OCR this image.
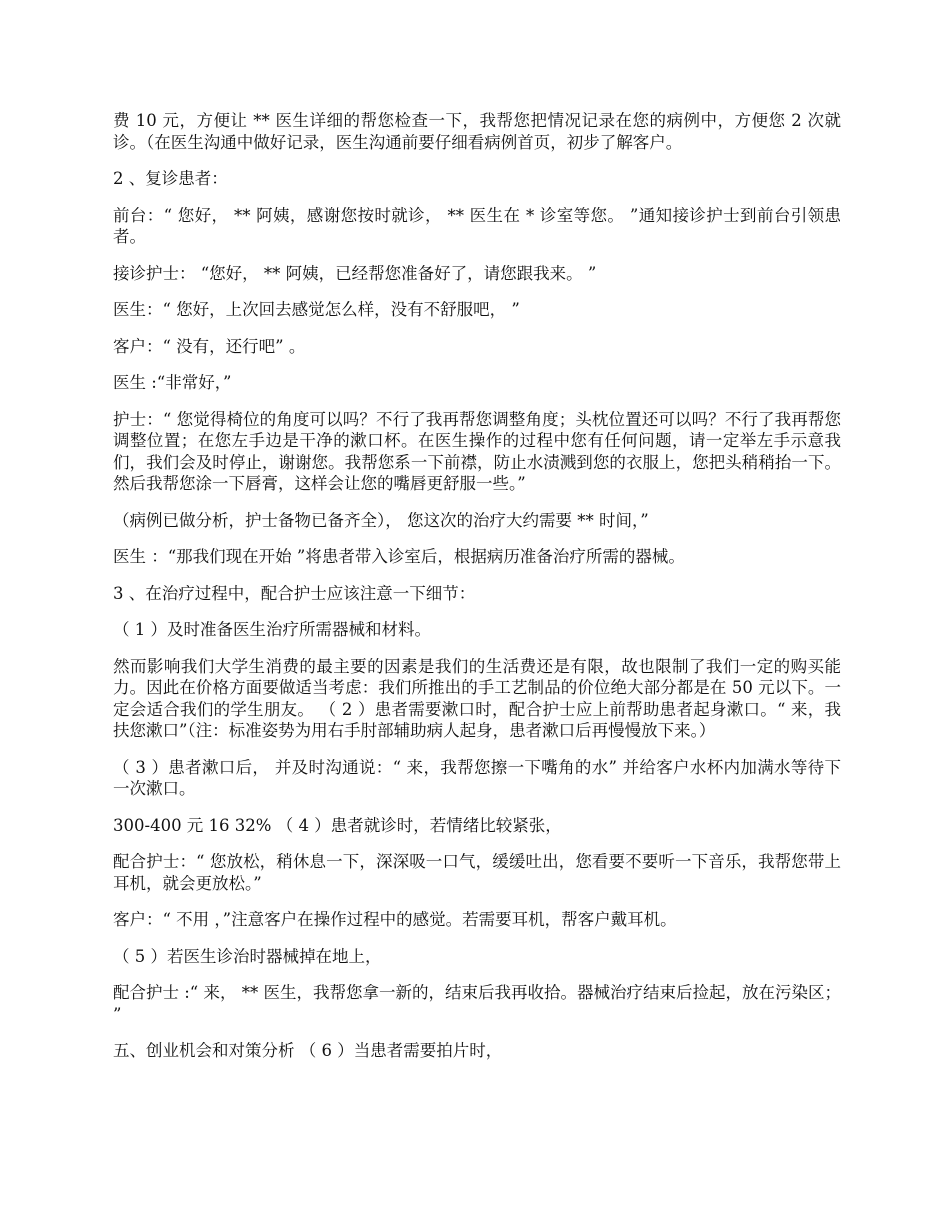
费 10 元，方便让 ** 医生详细的帮您检查一下，我帮您把情况记录在您的病例中，方便您 2 次就诊。（在医生沟通中做好记录，医生沟通前要仔细看病例首页，初步了解客户。

2 、复诊患者：

前台：“ 您好， ** 阿姨，感谢您按时就诊， ** 医生在 * 诊室等您。 ”通知接诊护士到前台引领患者。

接诊护士： “您好， ** 阿姨，已经帮您准备好了，请您跟我来。 ”

医生：“ 您好，上次回去感觉怎么样，没有不舒服吧， ”

客户：“ 没有，还行吧” 。

医生 :“非常好，”

护士：“ 您觉得椅位的角度可以吗？不行了我再帮您调整角度；头枕位置还可以吗？不行了我再帮您调整位置；在您左手边是干净的漱口杯。在医生操作的过程中您有任何问题，请一定举左手示意我们，我们会及时停止，谢谢您。我帮您系一下前襟，防止水渍溅到您的衣服上，您把头稍稍抬一下。然后我帮您涂一下唇膏，这样会让您的嘴唇更舒服一些。”

（病例已做分析，护士备物已备齐全）， 您这次的治疗大约需要 ** 时间，”

医生 ：“那我们现在开始 ”将患者带入诊室后，根据病历准备治疗所需的器械。

3 、在治疗过程中，配合护士应该注意一下细节：

（ 1 ）及时准备医生治疗所需器械和材料。

然而影响我们大学生消费的最主要的因素是我们的生活费还是有限，故也限制了我们一定的购买能力。因此在价格方面要做适当考虑：我们所推出的手工艺制品的价位绝大部分都是在 50 元以下。一定会适合我们的学生朋友。 （ 2 ）患者需要漱口时，配合护士应上前帮助患者起身漱口。“ 来，我扶您漱口”（注：标准姿势为用右手肘部辅助病人起身，患者漱口后再慢慢放下来。）

（ 3 ）患者漱口后， 并及时沟通说：“ 来，我帮您擦一下嘴角的水” 并给客户水杯内加满水等待下一次漱口。

300-400 元 16 32% （ 4 ）患者就诊时，若情绪比较紧张，

配合护士：“ 您放松，稍休息一下，深深吸一口气，缓缓吐出，您看要不要听一下音乐，我帮您带上耳机，就会更放松。”

客户：“ 不用 ，”注意客户在操作过程中的感觉。若需要耳机，帮客户戴耳机。

（ 5 ）若医生诊治时器械掉在地上，

配合护士 :“ 来， ** 医生，我帮您拿一新的，结束后我再收拾。器械治疗结束后捡起，放在污染区； ”

五、创业机会和对策分析 （ 6 ）当患者需要拍片时，
